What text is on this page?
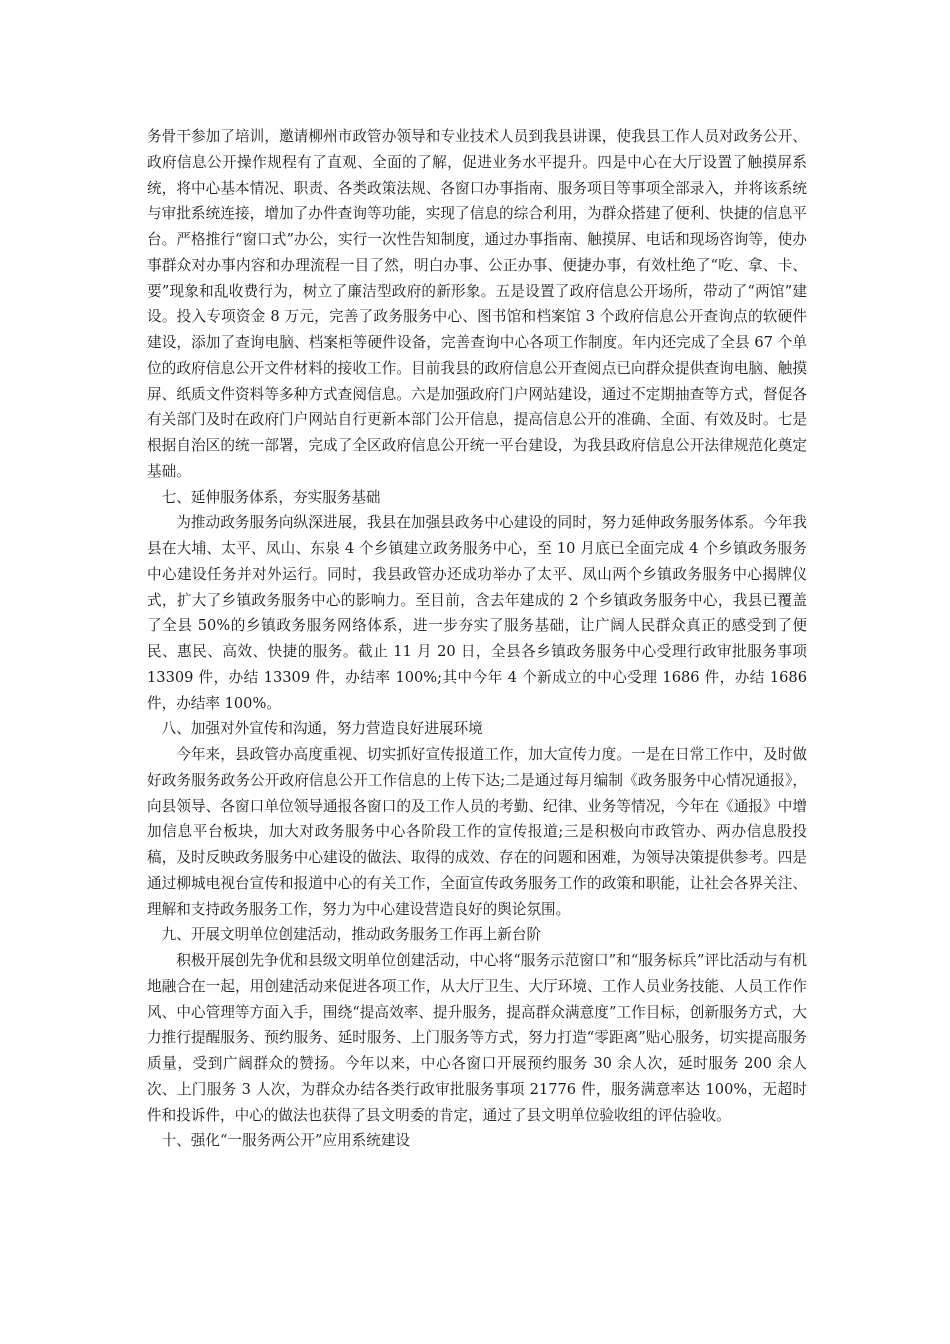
务骨干参加了培训，邀请柳州市政管办领导和专业技术人员到我县讲课，使我县工作人员对政务公开、政府信息公开操作规程有了直观、全面的了解，促进业务水平提升。四是中心在大厅设置了触摸屏系统，将中心基本情况、职责、各类政策法规、各窗口办事指南、服务项目等事项全部录入，并将该系统与审批系统连接，增加了办件查询等功能，实现了信息的综合利用，为群众搭建了便利、快捷的信息平台。严格推行“窗口式”办公，实行一次性告知制度，通过办事指南、触摸屏、电话和现场咨询等，使办事群众对办事内容和办理流程一目了然，明白办事、公正办事、便捷办事，有效杜绝了“吃、拿、卡、要”现象和乱收费行为，树立了廉洁型政府的新形象。五是设置了政府信息公开场所，带动了“两馆”建设。投入专项资金 8 万元，完善了政务服务中心、图书馆和档案馆 3 个政府信息公开查询点的软硬件建设，添加了查询电脑、档案柜等硬件设备，完善查询中心各项工作制度。年内还完成了全县 67 个单位的政府信息公开文件材料的接收工作。目前我县的政府信息公开查阅点已向群众提供查询电脑、触摸屏、纸质文件资料等多种方式查阅信息。六是加强政府门户网站建设，通过不定期抽查等方式，督促各有关部门及时在政府门户网站自行更新本部门公开信息，提高信息公开的准确、全面、有效及时。七是根据自治区的统一部署，完成了全区政府信息公开统一平台建设，为我县政府信息公开法律规范化奠定基础。

七、延伸服务体系，夯实服务基础

为推动政务服务向纵深进展，我县在加强县政务中心建设的同时，努力延伸政务服务体系。今年我县在大埔、太平、凤山、东泉 4 个乡镇建立政务服务中心，至 10 月底已全面完成 4 个乡镇政务服务中心建设任务并对外运行。同时，我县政管办还成功举办了太平、凤山两个乡镇政务服务中心揭牌仪式，扩大了乡镇政务服务中心的影响力。至目前，含去年建成的 2 个乡镇政务服务中心，我县已覆盖了全县 50%的乡镇政务服务网络体系，进一步夯实了服务基础，让广阔人民群众真正的感受到了便民、惠民、高效、快捷的服务。截止 11 月 20 日，全县各乡镇政务服务中心受理行政审批服务事项 13309 件，办结 13309 件，办结率 100%;其中今年 4 个新成立的中心受理 1686 件，办结 1686 件，办结率 100%。

八、加强对外宣传和沟通，努力营造良好进展环境

今年来，县政管办高度重视、切实抓好宣传报道工作，加大宣传力度。一是在日常工作中，及时做好政务服务政务公开政府信息公开工作信息的上传下达;二是通过每月编制《政务服务中心情况通报》，向县领导、各窗口单位领导通报各窗口的及工作人员的考勤、纪律、业务等情况，今年在《通报》中增加信息平台板块，加大对政务服务中心各阶段工作的宣传报道;三是积极向市政管办、两办信息股投稿，及时反映政务服务中心建设的做法、取得的成效、存在的问题和困难，为领导决策提供参考。四是通过柳城电视台宣传和报道中心的有关工作，全面宣传政务服务工作的政策和职能，让社会各界关注、理解和支持政务服务工作，努力为中心建设营造良好的舆论氛围。

九、开展文明单位创建活动，推动政务服务工作再上新台阶

积极开展创先争优和县级文明单位创建活动，中心将“服务示范窗口”和“服务标兵”评比活动与有机地融合在一起，用创建活动来促进各项工作，从大厅卫生、大厅环境、工作人员业务技能、人员工作作风、中心管理等方面入手，围绕“提高效率、提升服务，提高群众满意度”工作目标，创新服务方式，大力推行提醒服务、预约服务、延时服务、上门服务等方式，努力打造“零距离”贴心服务，切实提高服务质量，受到广阔群众的赞扬。今年以来，中心各窗口开展预约服务 30 余人次，延时服务 200 余人次、上门服务 3 人次，为群众办结各类行政审批服务事项 21776 件，服务满意率达 100%，无超时件和投诉件，中心的做法也获得了县文明委的肯定，通过了县文明单位验收组的评估验收。

十、强化“一服务两公开”应用系统建设
